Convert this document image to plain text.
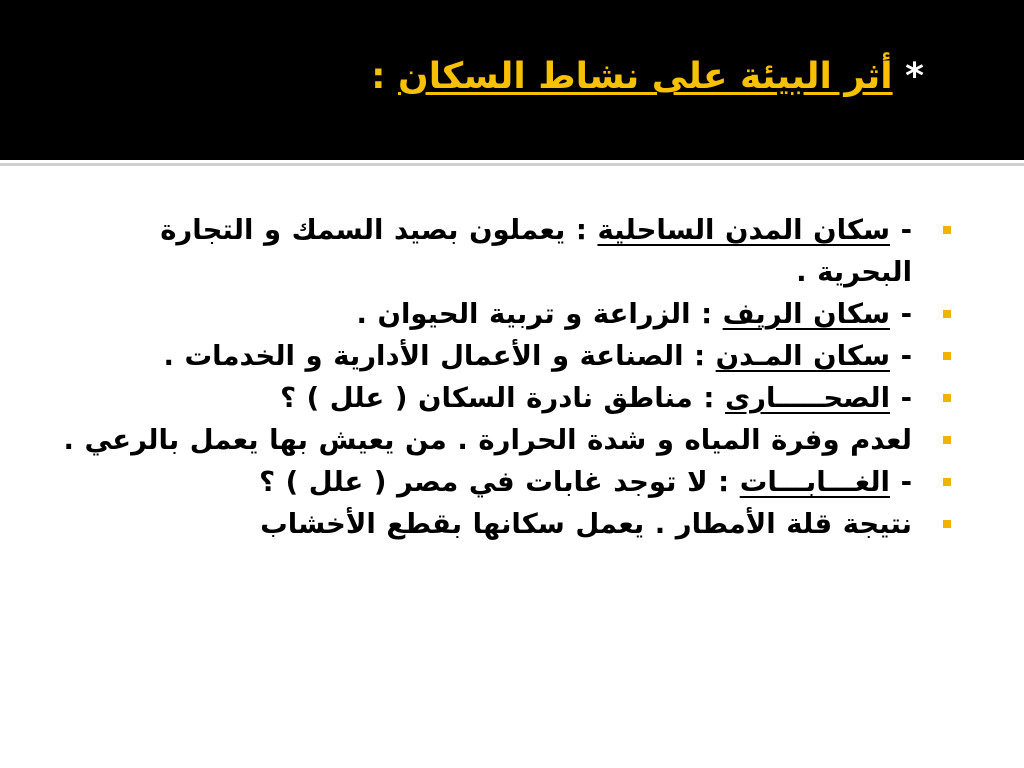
* أثر البيئة على نشاط السكان :
- سكان المدن الساحلية : يعملون بصيد السمك و التجارة البحرية .
- سكان الريف : الزراعة و تربية الحيوان .
- سكان المـدن : الصناعة و الأعمال الأدارية و الخدمات .
- الصحـــــارى : مناطق نادرة السكان ( علل ) ؟
لعدم وفرة المياه و شدة الحرارة . من يعيش بها يعمل بالرعي .
- الغـــابـــات : لا توجد غابات في مصر ( علل ) ؟
نتيجة قلة الأمطار . يعمل سكانها بقطع الأخشاب
